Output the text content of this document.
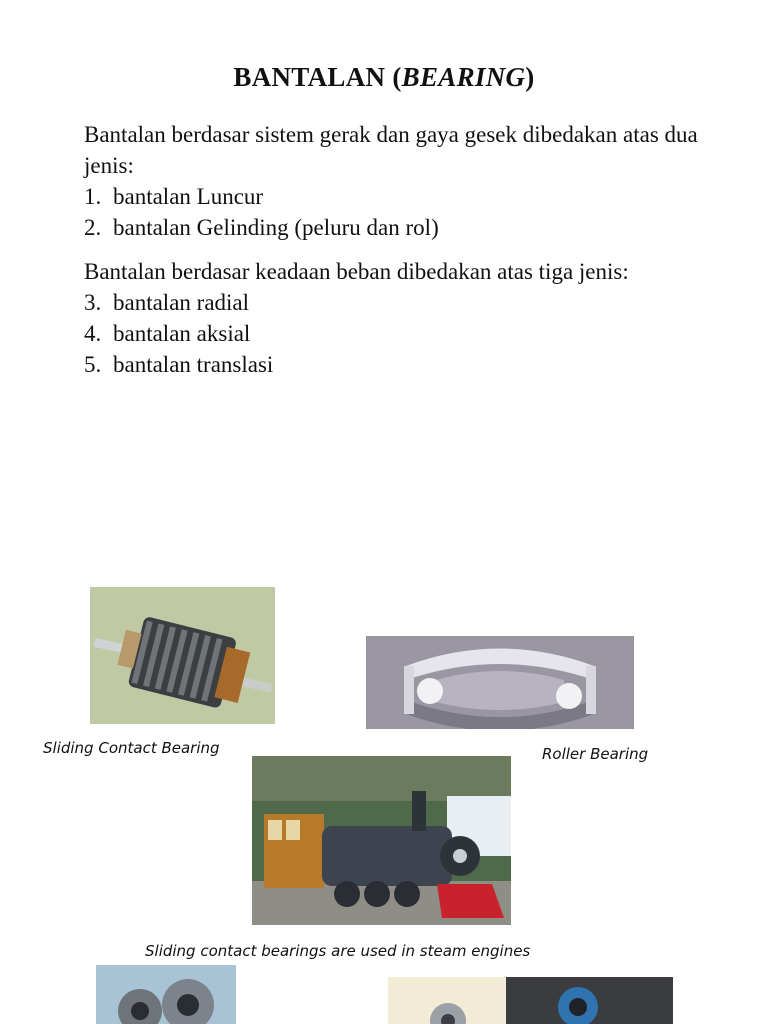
BANTALAN (BEARING)
Bantalan berdasar sistem gerak dan gaya gesek dibedakan atas dua jenis:
1. bantalan Luncur
2. bantalan Gelinding (peluru dan rol)
Bantalan berdasar keadaan beban dibedakan atas tiga jenis:
3. bantalan radial
4. bantalan aksial
5. bantalan translasi
Sliding Contact Bearing	Roller Bearing
Sliding contact bearings are used in steam engines
